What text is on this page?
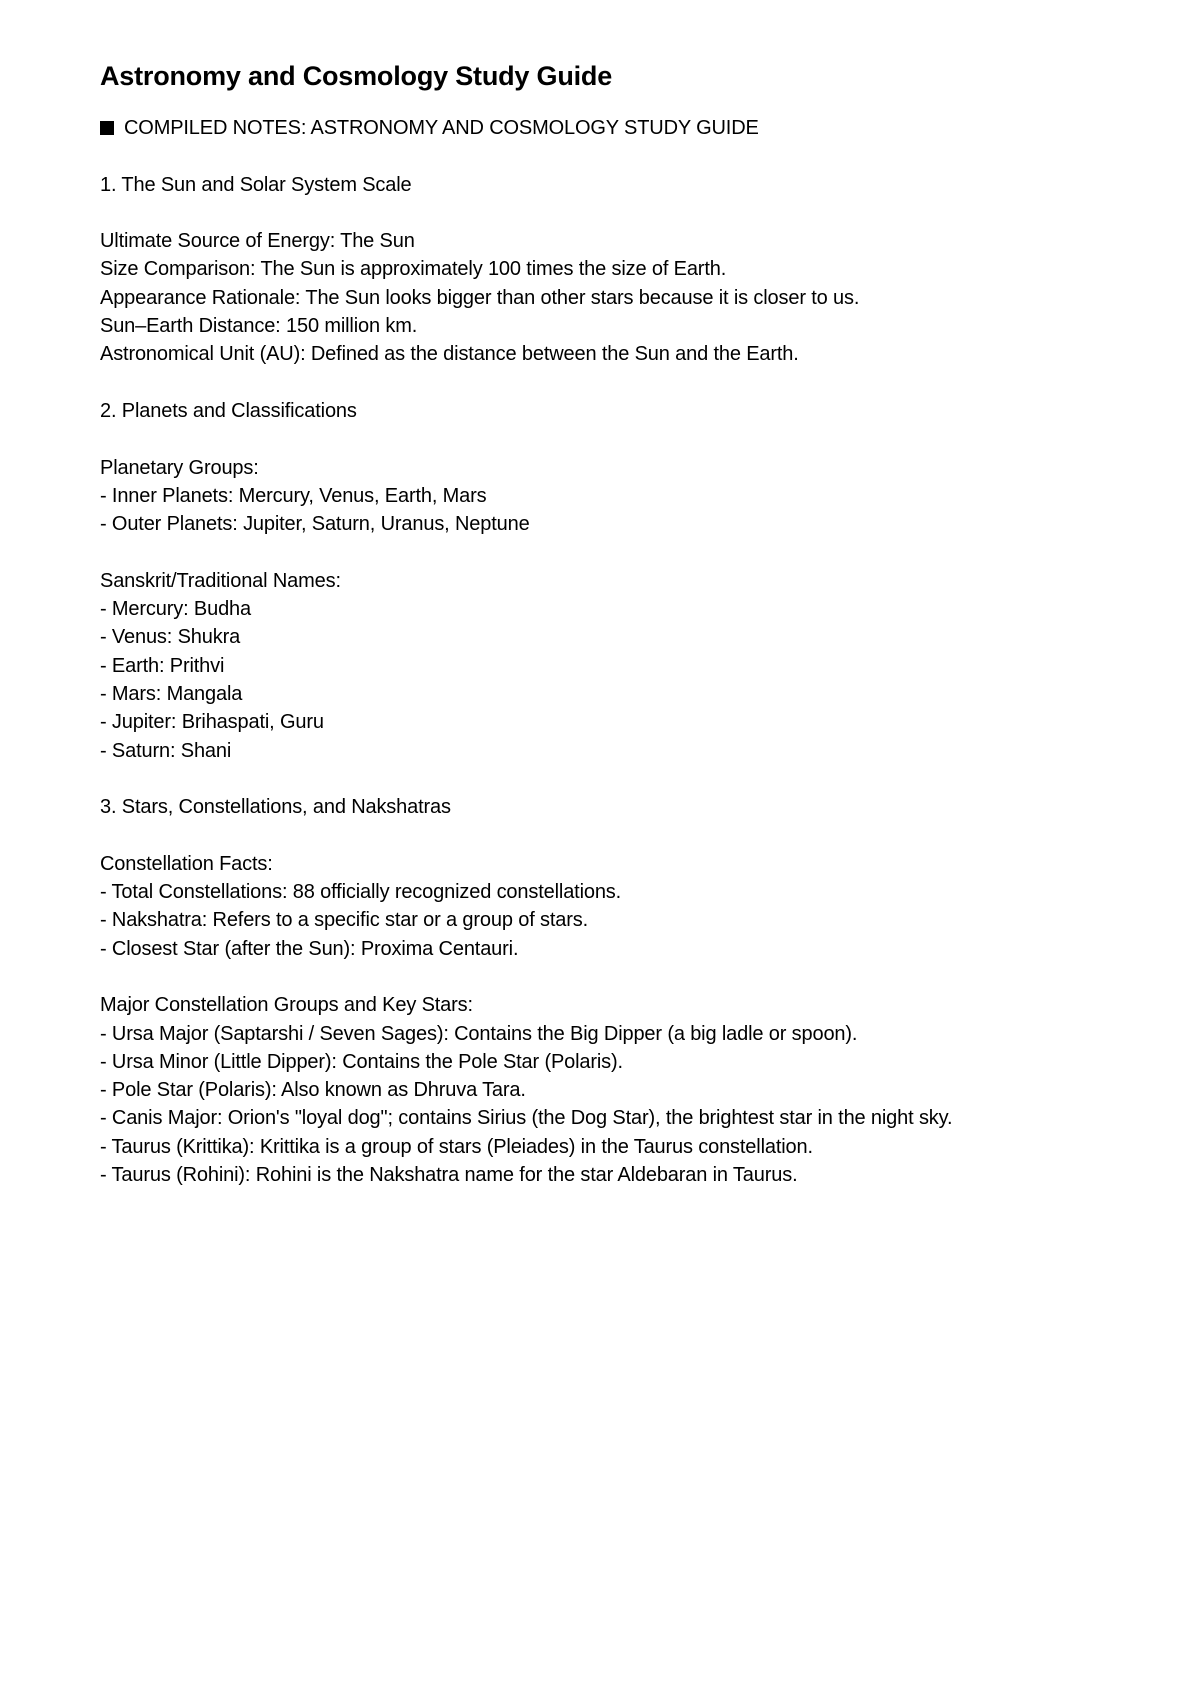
Astronomy and Cosmology Study Guide
COMPILED NOTES: ASTRONOMY AND COSMOLOGY STUDY GUIDE
1. The Sun and Solar System Scale
Ultimate Source of Energy: The Sun
Size Comparison: The Sun is approximately 100 times the size of Earth.
Appearance Rationale: The Sun looks bigger than other stars because it is closer to us.
Sun–Earth Distance: 150 million km.
Astronomical Unit (AU): Defined as the distance between the Sun and the Earth.
2. Planets and Classifications
Planetary Groups:
- Inner Planets: Mercury, Venus, Earth, Mars
- Outer Planets: Jupiter, Saturn, Uranus, Neptune
Sanskrit/Traditional Names:
- Mercury: Budha
- Venus: Shukra
- Earth: Prithvi
- Mars: Mangala
- Jupiter: Brihaspati, Guru
- Saturn: Shani
3. Stars, Constellations, and Nakshatras
Constellation Facts:
- Total Constellations: 88 officially recognized constellations.
- Nakshatra: Refers to a specific star or a group of stars.
- Closest Star (after the Sun): Proxima Centauri.
Major Constellation Groups and Key Stars:
- Ursa Major (Saptarshi / Seven Sages): Contains the Big Dipper (a big ladle or spoon).
- Ursa Minor (Little Dipper): Contains the Pole Star (Polaris).
- Pole Star (Polaris): Also known as Dhruva Tara.
- Canis Major: Orion's "loyal dog"; contains Sirius (the Dog Star), the brightest star in the night sky.
- Taurus (Krittika): Krittika is a group of stars (Pleiades) in the Taurus constellation.
- Taurus (Rohini): Rohini is the Nakshatra name for the star Aldebaran in Taurus.
